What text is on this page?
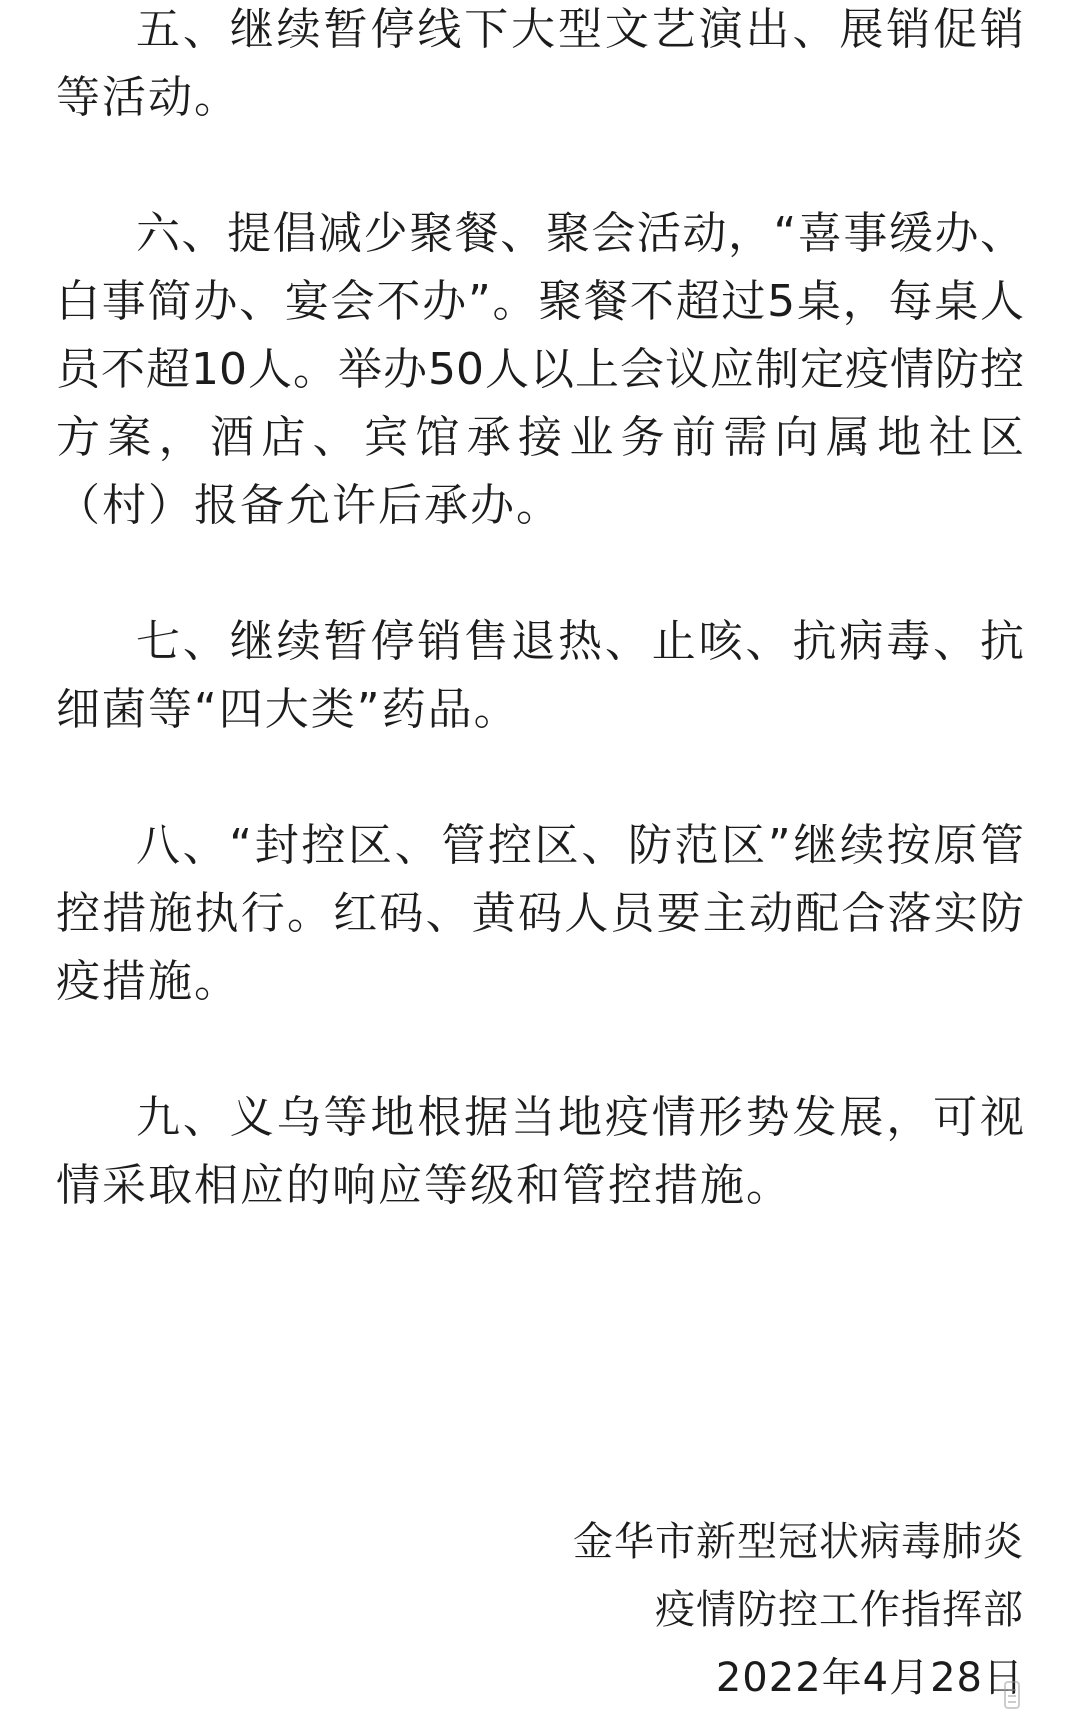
五、继续暂停线下大型文艺演出、展销促销
等活动。
六、提倡减少聚餐、聚会活动，“喜事缓办、
白事简办、宴会不办”。聚餐不超过5桌，每桌人
员不超10人。举办50人以上会议应制定疫情防控
方案，酒店、宾馆承接业务前需向属地社区
（村）报备允许后承办。
七、继续暂停销售退热、止咳、抗病毒、抗
细菌等“四大类”药品。
八、“封控区、管控区、防范区”继续按原管
控措施执行。红码、黄码人员要主动配合落实防
疫措施。
九、义乌等地根据当地疫情形势发展，可视
情采取相应的响应等级和管控措施。
金华市新型冠状病毒肺炎
疫情防控工作指挥部
2022年4月28日
